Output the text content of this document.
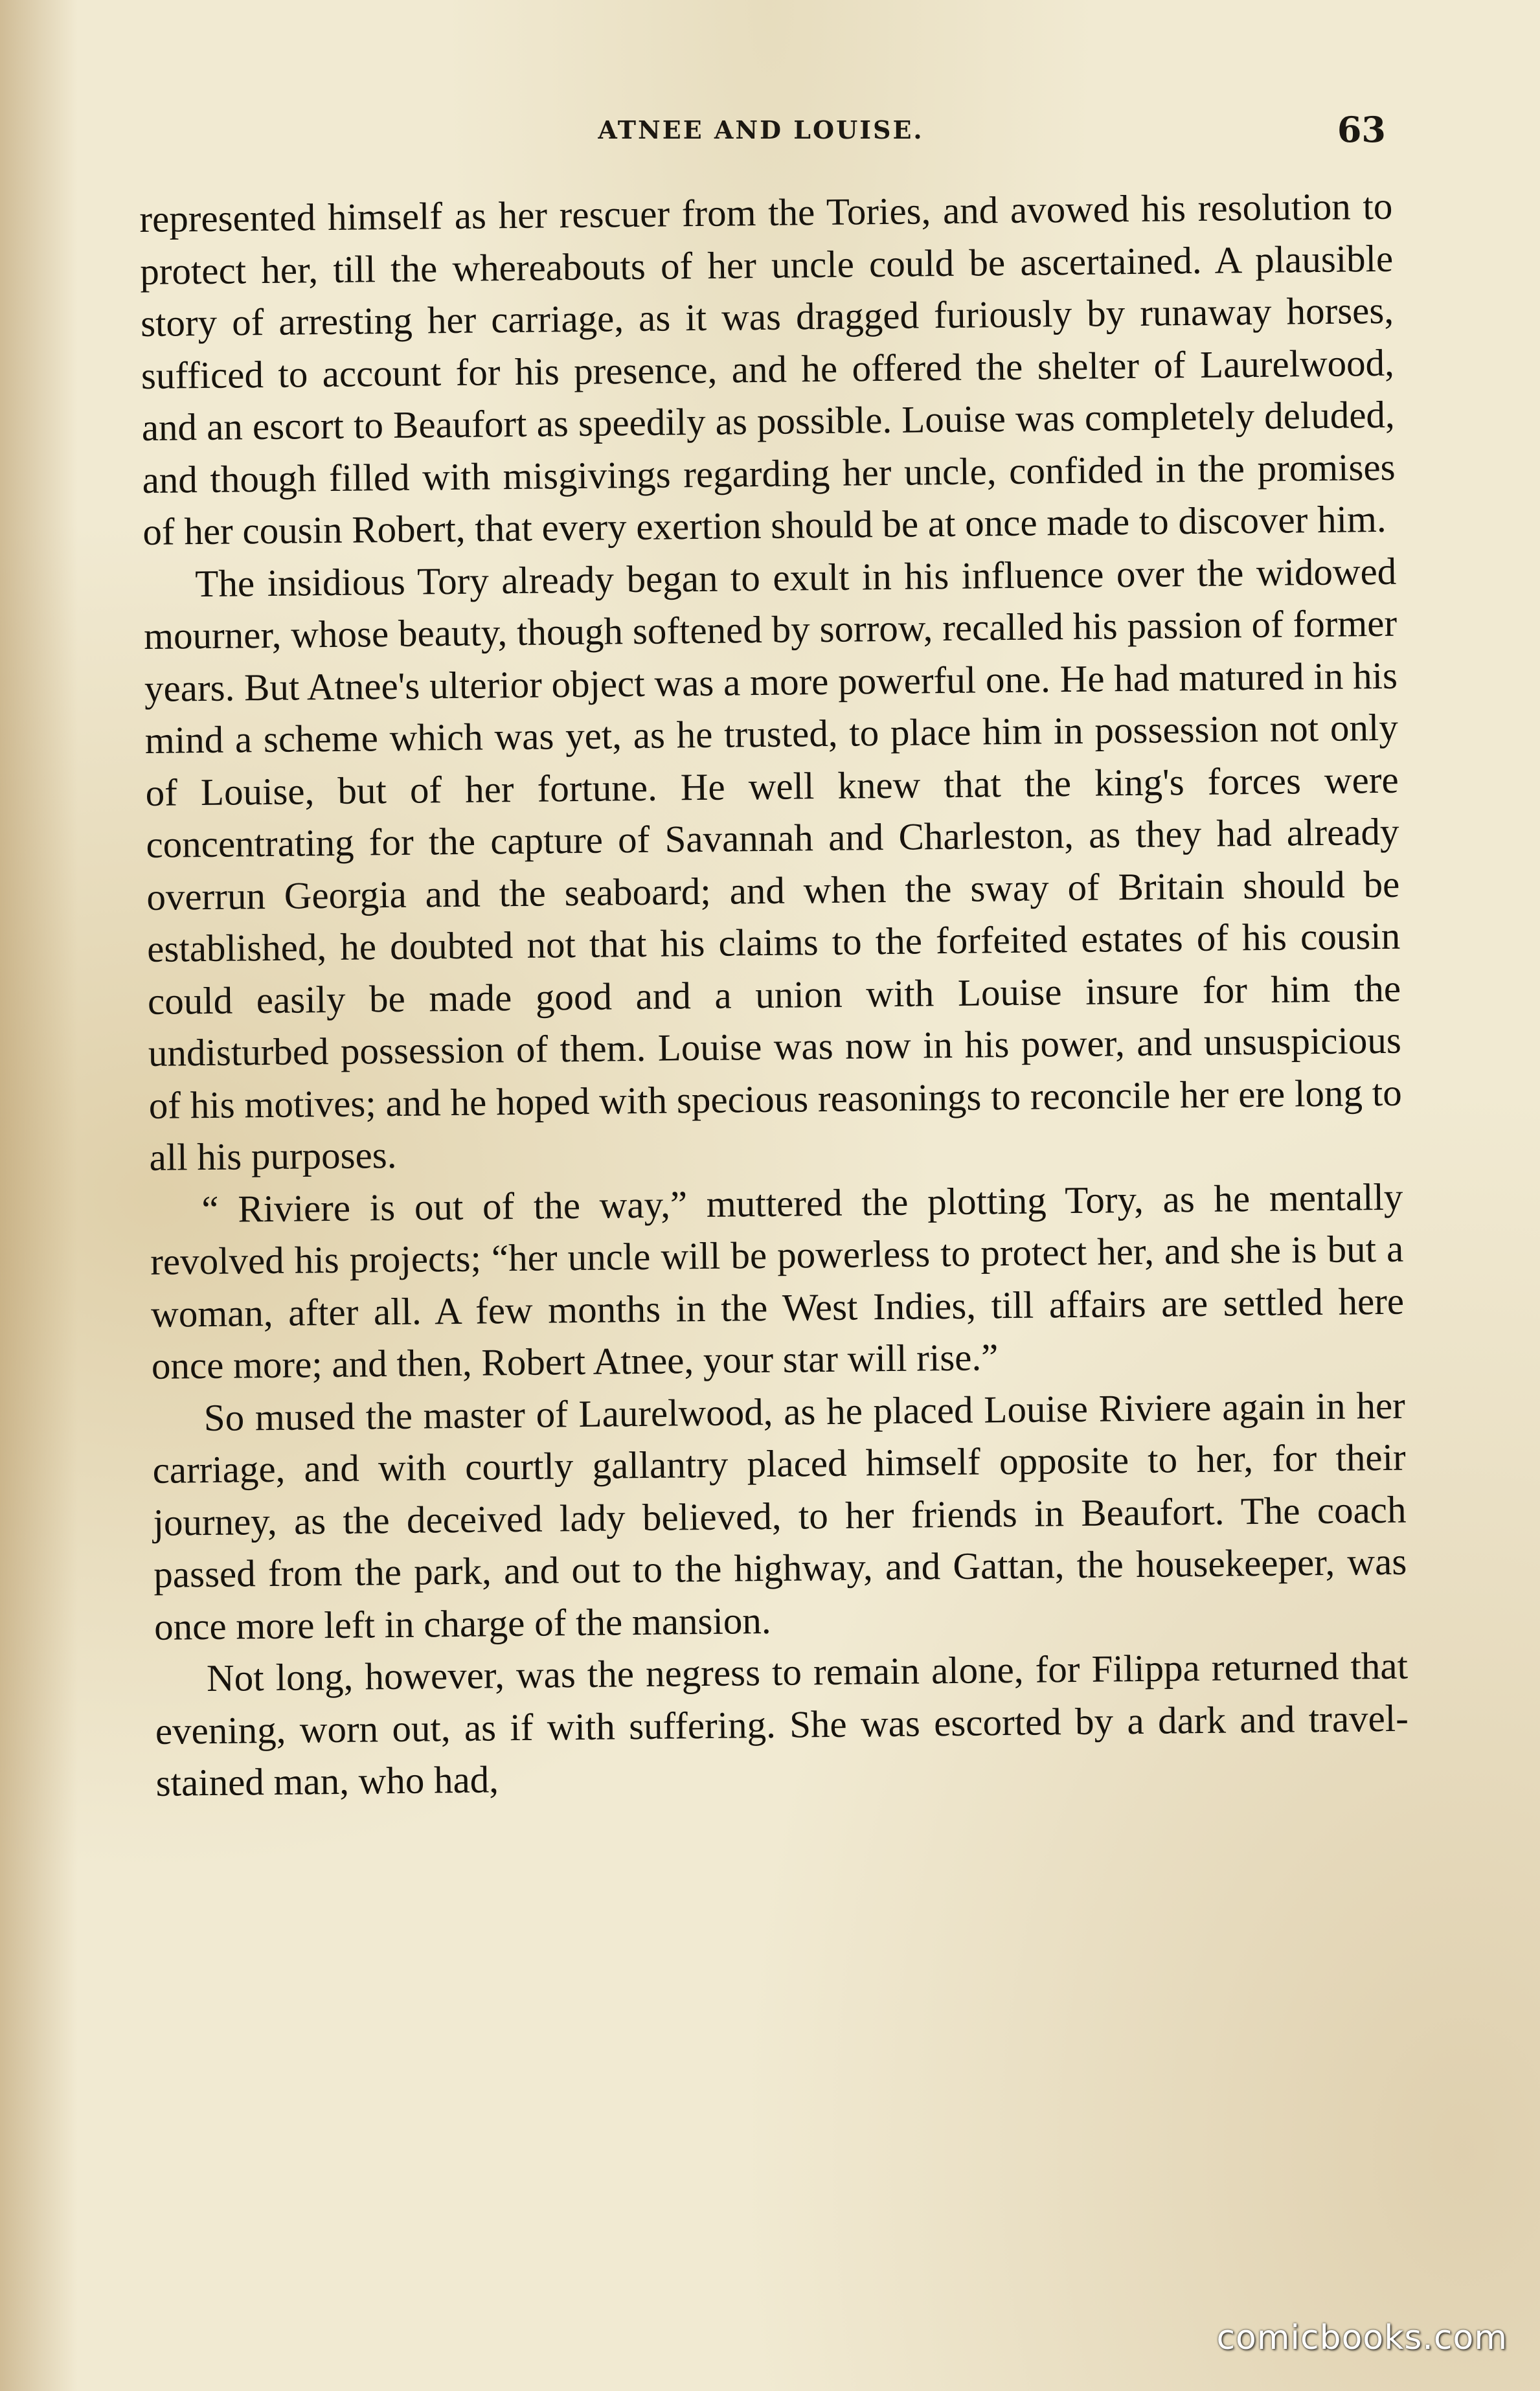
ATNEE AND LOUISE.	63

represented himself as her rescuer from the Tories, and avowed his resolution to protect her, till the whereabouts of her uncle could be ascertained. A plausible story of arresting her carriage, as it was dragged furiously by runaway horses, sufficed to account for his presence, and he offered the shelter of Laurelwood, and an escort to Beaufort as speedily as possible. Louise was completely deluded, and though filled with misgivings regarding her uncle, confided in the promises of her cousin Robert, that every exertion should be at once made to discover him.

The insidious Tory already began to exult in his influence over the widowed mourner, whose beauty, though softened by sorrow, recalled his passion of former years. But Atnee's ulterior object was a more powerful one. He had matured in his mind a scheme which was yet, as he trusted, to place him in possession not only of Louise, but of her fortune. He well knew that the king's forces were concentrating for the capture of Savannah and Charleston, as they had already overrun Georgia and the seaboard; and when the sway of Britain should be established, he doubted not that his claims to the forfeited estates of his cousin could easily be made good and a union with Louise insure for him the undisturbed possession of them. Louise was now in his power, and unsuspicious of his motives; and he hoped with specious reasonings to reconcile her ere long to all his purposes.

“ Riviere is out of the way,” muttered the plotting Tory, as he mentally revolved his projects; “her uncle will be powerless to protect her, and she is but a woman, after all. A few months in the West Indies, till affairs are settled here once more; and then, Robert Atnee, your star will rise.”

So mused the master of Laurelwood, as he placed Louise Riviere again in her carriage, and with courtly gallantry placed himself opposite to her, for their journey, as the deceived lady believed, to her friends in Beaufort. The coach passed from the park, and out to the highway, and Gattan, the housekeeper, was once more left in charge of the mansion.

Not long, however, was the negress to remain alone, for Filippa returned that evening, worn out, as if with suffering. She was escorted by a dark and travel-stained man, who had,

comicbooks.com
